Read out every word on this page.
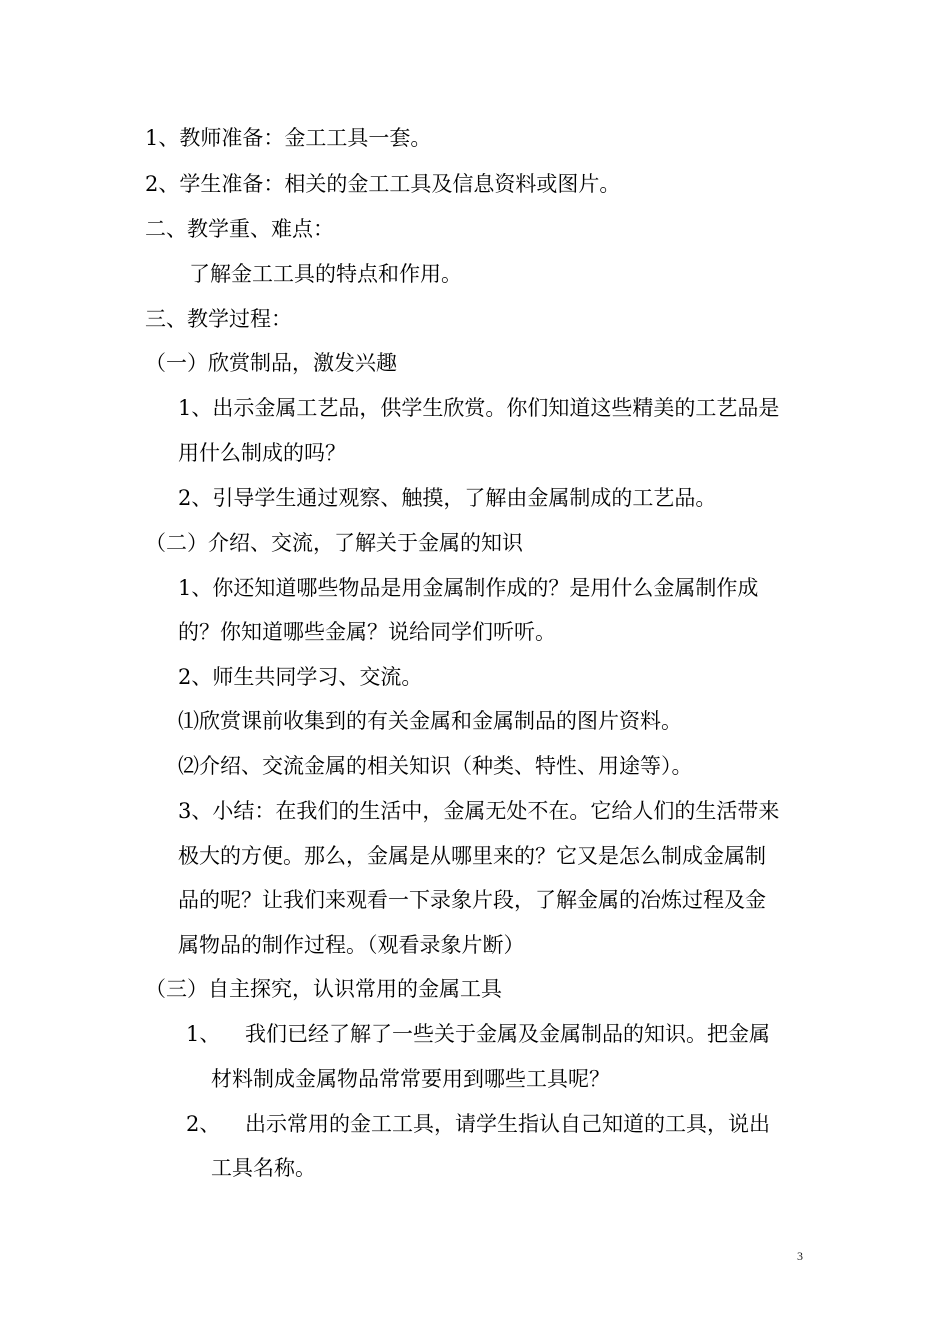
1、教师准备：金工工具一套。
2、学生准备：相关的金工工具及信息资料或图片。
二、教学重、难点：
了解金工工具的特点和作用。
三、教学过程：
（一）欣赏制品，激发兴趣
1、出示金属工艺品，供学生欣赏。你们知道这些精美的工艺品是
用什么制成的吗？
2、引导学生通过观察、触摸，了解由金属制成的工艺品。
（二）介绍、交流，了解关于金属的知识
1、你还知道哪些物品是用金属制作成的？是用什么金属制作成
的？你知道哪些金属？说给同学们听听。
2、师生共同学习、交流。
⑴欣赏课前收集到的有关金属和金属制品的图片资料。
⑵介绍、交流金属的相关知识（种类、特性、用途等）。
3、小结：在我们的生活中，金属无处不在。它给人们的生活带来
极大的方便。那么，金属是从哪里来的？它又是怎么制成金属制
品的呢？让我们来观看一下录象片段，了解金属的冶炼过程及金
属物品的制作过程。（观看录象片断）
（三）自主探究，认识常用的金属工具
1、 我们已经了解了一些关于金属及金属制品的知识。把金属
材料制成金属物品常常要用到哪些工具呢？
2、 出示常用的金工工具，请学生指认自己知道的工具，说出
工具名称。
3
